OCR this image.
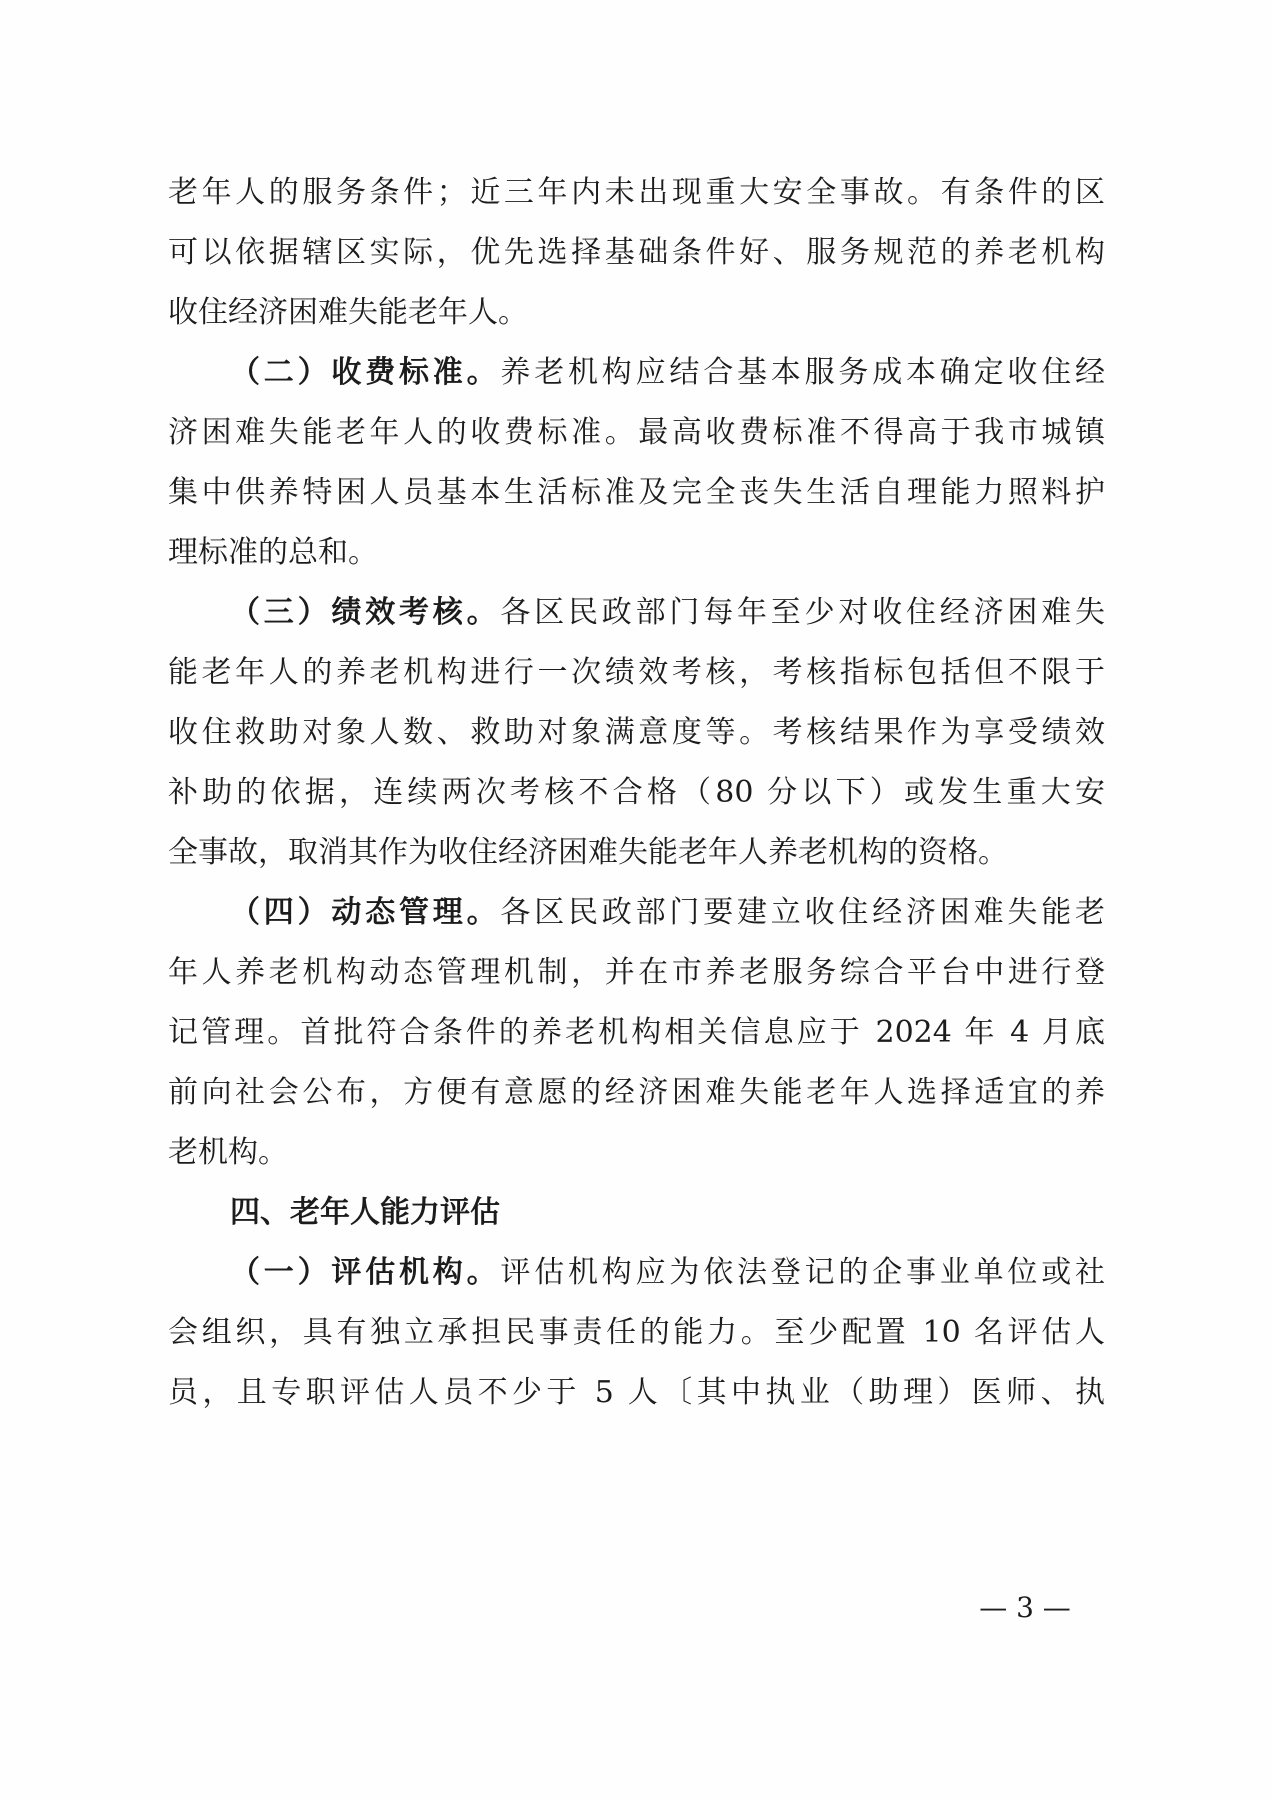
老年人的服务条件；近三年内未出现重大安全事故。有条件的区
可以依据辖区实际，优先选择基础条件好、服务规范的养老机构
收住经济困难失能老年人。
（二）收费标准。养老机构应结合基本服务成本确定收住经
济困难失能老年人的收费标准。最高收费标准不得高于我市城镇
集中供养特困人员基本生活标准及完全丧失生活自理能力照料护
理标准的总和。
（三）绩效考核。各区民政部门每年至少对收住经济困难失
能老年人的养老机构进行一次绩效考核，考核指标包括但不限于
收住救助对象人数、救助对象满意度等。考核结果作为享受绩效
补助的依据，连续两次考核不合格（80 分以下）或发生重大安
全事故，取消其作为收住经济困难失能老年人养老机构的资格。
（四）动态管理。各区民政部门要建立收住经济困难失能老
年人养老机构动态管理机制，并在市养老服务综合平台中进行登
记管理。首批符合条件的养老机构相关信息应于 2024 年 4 月底
前向社会公布，方便有意愿的经济困难失能老年人选择适宜的养
老机构。
四、老年人能力评估
（一）评估机构。评估机构应为依法登记的企事业单位或社
会组织，具有独立承担民事责任的能力。至少配置 10 名评估人
员，且专职评估人员不少于 5 人〔其中执业（助理）医师、执
— 3 —
